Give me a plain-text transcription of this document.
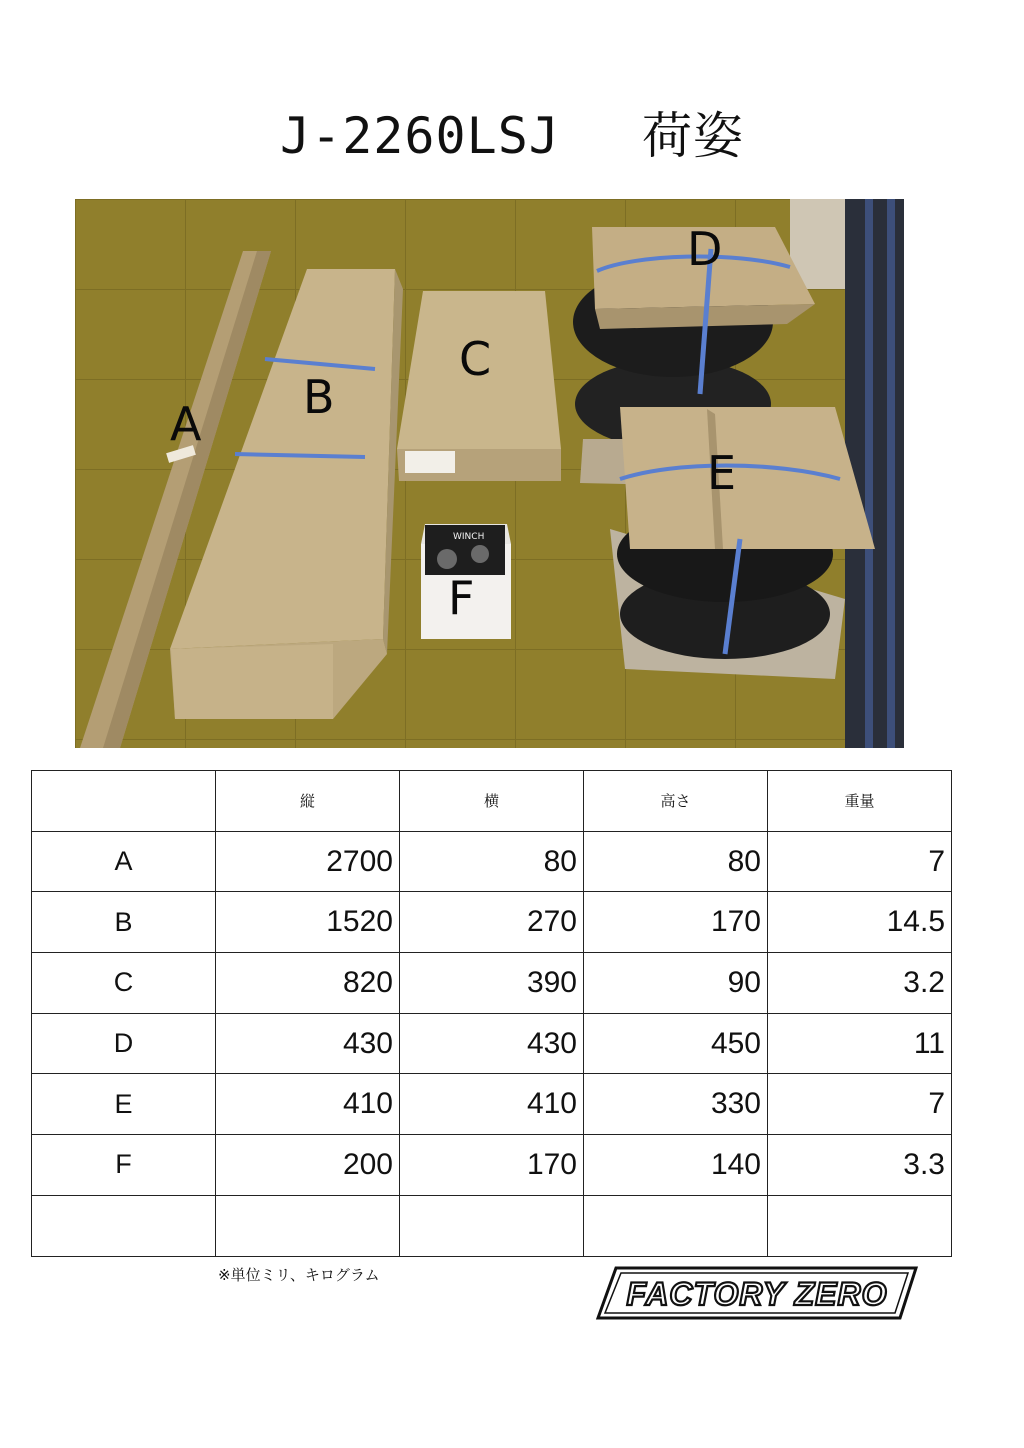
J-2260LSJ　 荷姿
WINCH
A B
C
D
E
F
	縦	横	高さ	重量
A	2700	80	80	7
B	1520	270	170	14.5
C	820	390	90	3.2
D	430	430	450	11
E	410	410	330	7
F	200	170	140	3.3

※単位ミリ、キログラム
FACTORY ZERO
